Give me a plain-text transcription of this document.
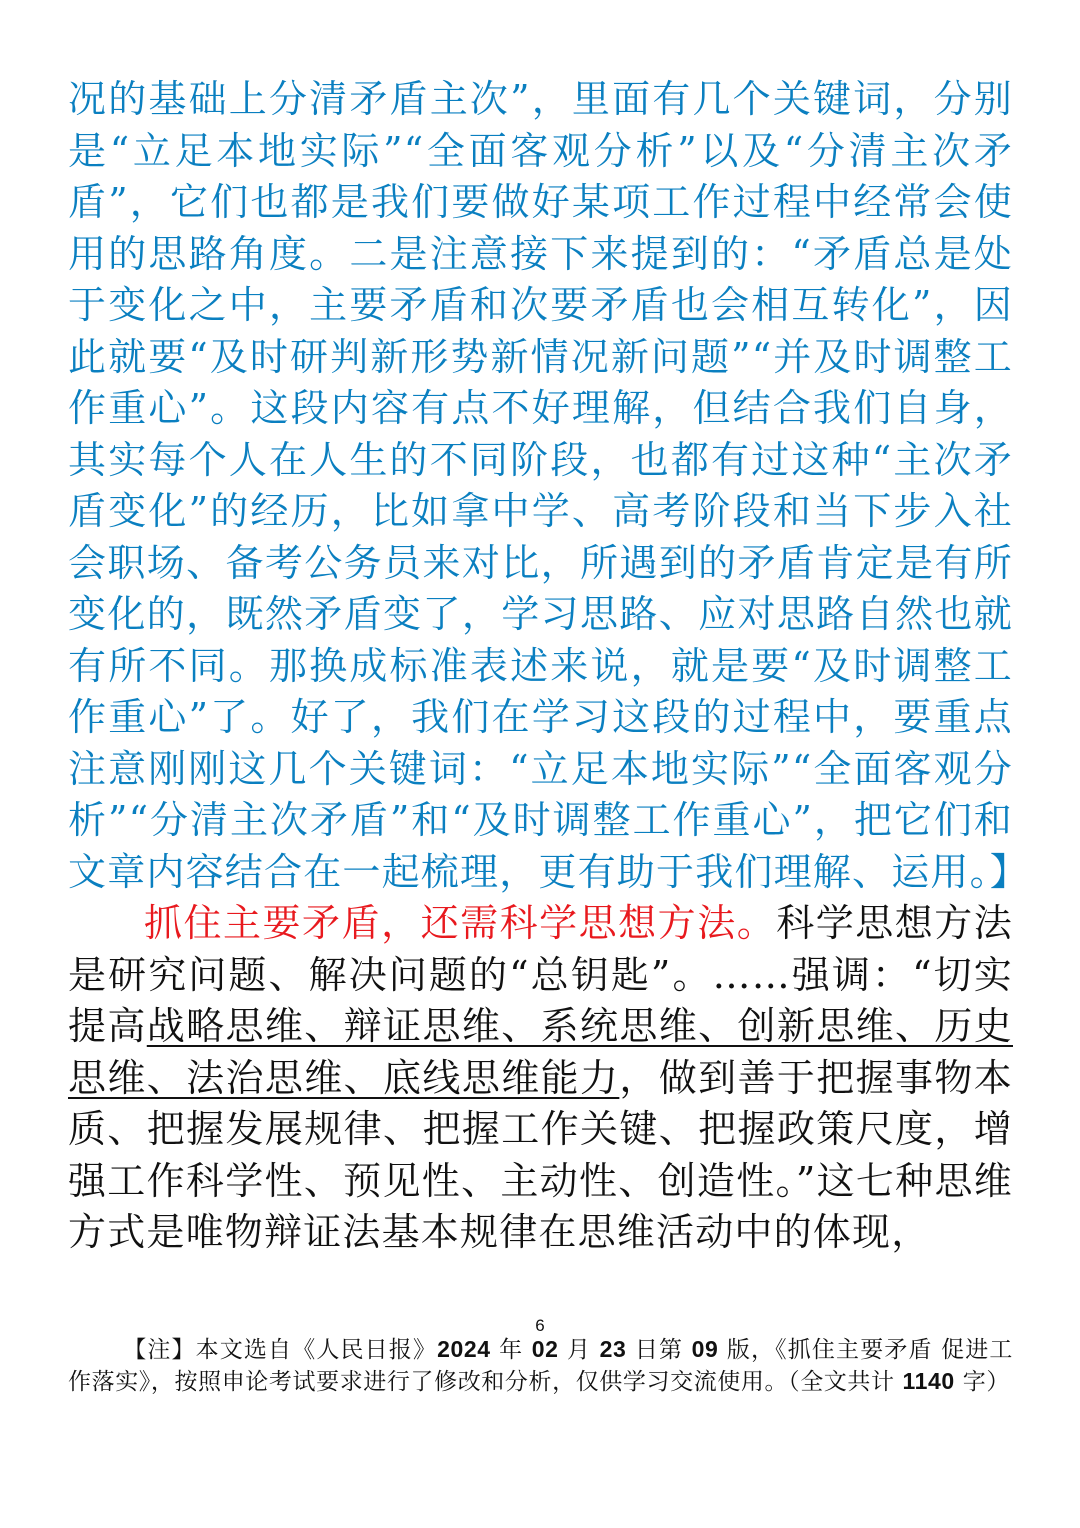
况的基础上分清矛盾主次”，里面有几个关键词，分别是“立足本地实际”“全面客观分析”以及“分清主次矛盾”，它们也都是我们要做好某项工作过程中经常会使用的思路角度。二是注意接下来提到的：“矛盾总是处于变化之中，主要矛盾和次要矛盾也会相互转化”，因此就要“及时研判新形势新情况新问题”“并及时调整工作重心”。这段内容有点不好理解，但结合我们自身，其实每个人在人生的不同阶段，也都有过这种“主次矛盾变化”的经历，比如拿中学、高考阶段和当下步入社会职场、备考公务员来对比，所遇到的矛盾肯定是有所变化的，既然矛盾变了，学习思路、应对思路自然也就有所不同。那换成标准表述来说，就是要“及时调整工作重心”了。好了，我们在学习这段的过程中，要重点注意刚刚这几个关键词：“立足本地实际”“全面客观分析”“分清主次矛盾”和“及时调整工作重心”，把它们和文章内容结合在一起梳理，更有助于我们理解、运用。】

抓住主要矛盾，还需科学思想方法。科学思想方法是研究问题、解决问题的“总钥匙”。……强调：“切实提高战略思维、辩证思维、系统思维、创新思维、历史思维、法治思维、底线思维能力，做到善于把握事物本质、把握发展规律、把握工作关键、把握政策尺度，增强工作科学性、预见性、主动性、创造性。”这七种思维方式是唯物辩证法基本规律在思维活动中的体现，

6
【注】本文选自《人民日报》2024 年 02 月 23 日第 09 版，《抓住主要矛盾 促进工作落实》，按照申论考试要求进行了修改和分析，仅供学习交流使用。（全文共计 1140 字）
